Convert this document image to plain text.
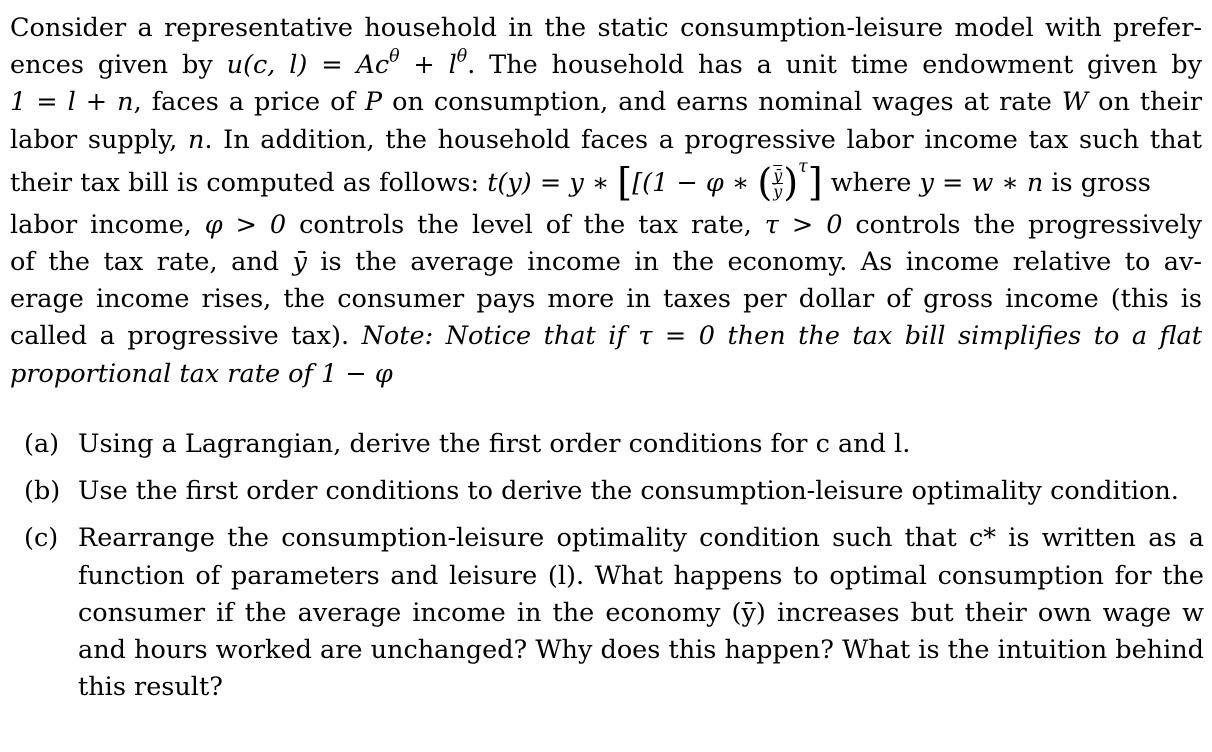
Consider a representative household in the static consumption-leisure model with prefer-
ences given by u(c, $l) = Ac^\theta + l^\theta$. The household has a unit time endowment given by
1 = l + n, faces a price of P on consumption, and earns nominal wages at rate W on their
labor supply, n. In addition, the household faces a progressive labor income tax such that
their tax bill is computed as follows: t(y) = y ∗ [[(1 − φ ∗ ( $\frac{\overline{ȳ}}{y} )^\tau$] where y = w ∗ n is gross
labor income, φ > 0 controls the level of the tax rate, τ > 0 controls the progressively
of the tax rate, and ȳ is the average income in the economy. As income relative to av-
erage income rises, the consumer pays more in taxes per dollar of gross income (this is
called a progressive tax). Note: Notice that if τ = 0 then the tax bill simplifies to a flat
proportional tax rate of 1 − φ
(a) Using a Lagrangian, derive the first order conditions for c and l.
(b) Use the first order conditions to derive the consumption-leisure optimality condition.
(c) Rearrange the consumption-leisure optimality condition such that c* is written as a function of parameters and leisure (l). What happens to optimal consumption for the consumer if the average income in the economy (ȳ) increases but their own wage w and hours worked are unchanged? Why does this happen? What is the intuition behind this result?
